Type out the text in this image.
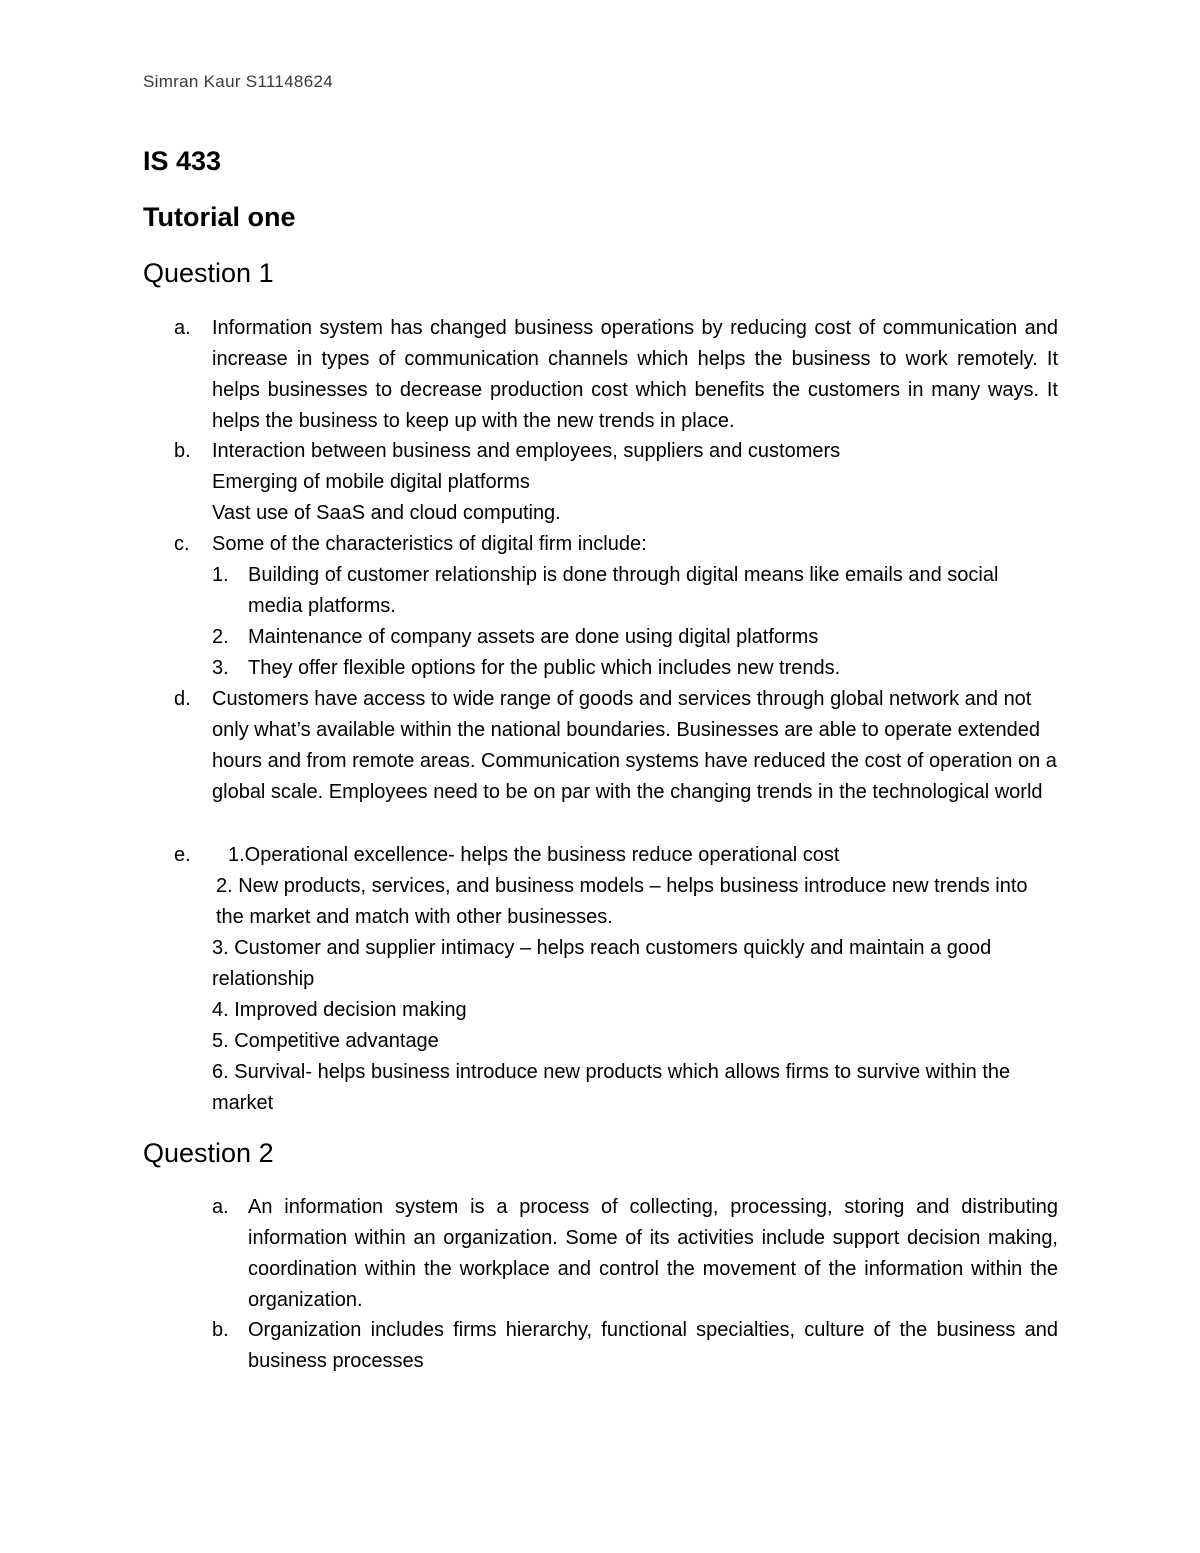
Simran Kaur S11148624
IS 433
Tutorial one
Question 1
a. Information system has changed business operations by reducing cost of communication and increase in types of communication channels which helps the business to work remotely. It helps businesses to decrease production cost which benefits the customers in many ways. It helps the business to keep up with the new trends in place.
b. Interaction between business and employees, suppliers and customers
Emerging of mobile digital platforms
Vast use of SaaS and cloud computing.
c. Some of the characteristics of digital firm include:
1. Building of customer relationship is done through digital means like emails and social media platforms.
2. Maintenance of company assets are done using digital platforms
3. They offer flexible options for the public which includes new trends.
d. Customers have access to wide range of goods and services through global network and not only what’s available within the national boundaries. Businesses are able to operate extended hours and from remote areas. Communication systems have reduced the cost of operation on a global scale. Employees need to be on par with the changing trends in the technological world
e. 1.Operational excellence- helps the business reduce operational cost
2. New products, services, and business models – helps business introduce new trends into the market and match with other businesses.
3. Customer and supplier intimacy – helps reach customers quickly and maintain a good relationship
4. Improved decision making
5. Competitive advantage
6. Survival- helps business introduce new products which allows firms to survive within the market
Question 2
a. An information system is a process of collecting, processing, storing and distributing information within an organization. Some of its activities include support decision making, coordination within the workplace and control the movement of the information within the organization.
b. Organization includes firms hierarchy, functional specialties, culture of the business and business processes
